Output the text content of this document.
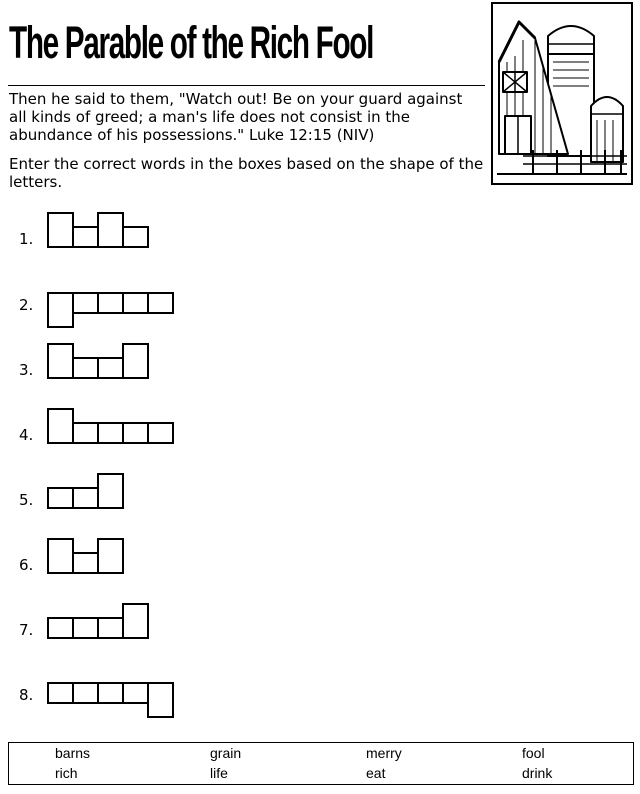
The Parable of the Rich Fool
Then he said to them, "Watch out! Be on your guard against all kinds of greed; a man's life does not consist in the abundance of his possessions." Luke 12:15 (NIV)
Enter the correct words in the boxes based on the shape of the letters.
1.
2.
3.
4.
5.
6.
7.
8.
barns	grain	merry	fool
rich	life	eat	drink
